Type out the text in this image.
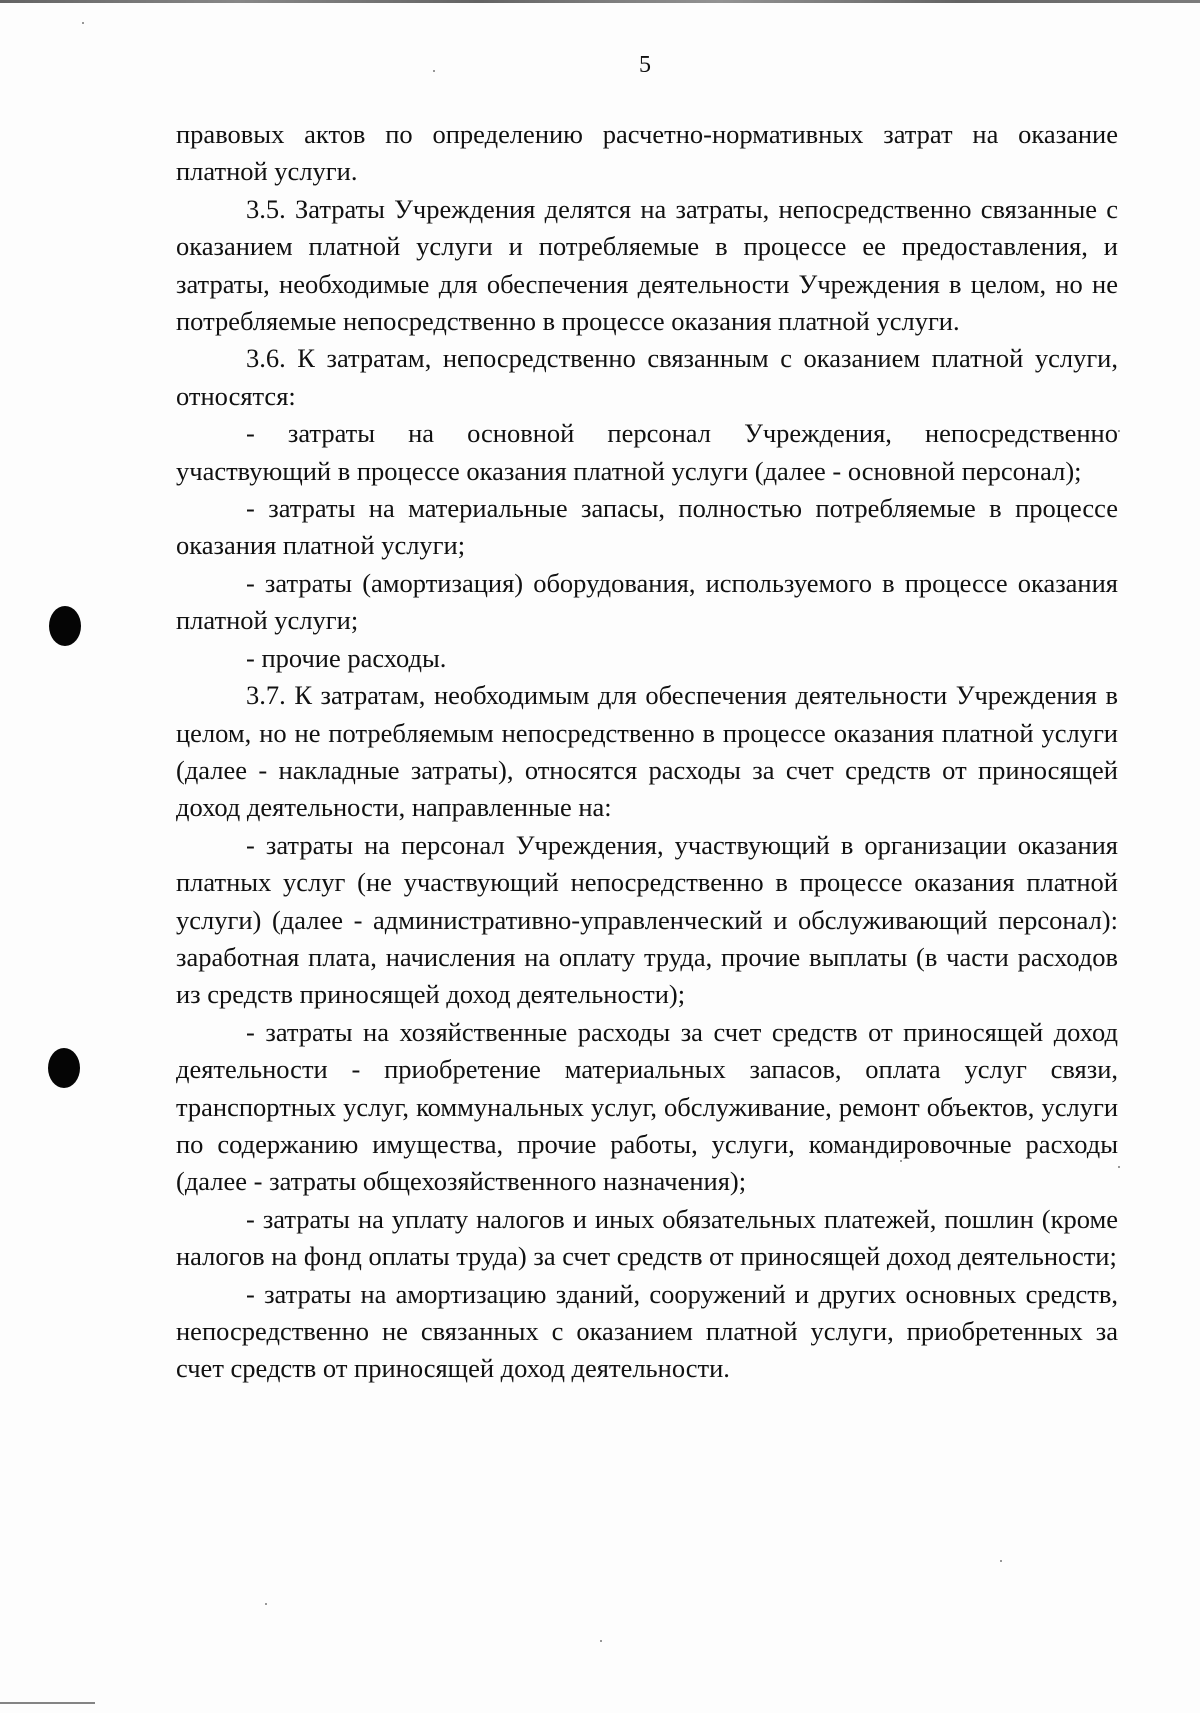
5

правовых актов по определению расчетно-нормативных затрат на оказание платной услуги.

3.5. Затраты Учреждения делятся на затраты, непосредственно связанные с оказанием платной услуги и потребляемые в процессе ее предоставления, и затраты, необходимые для обеспечения деятельности Учреждения в целом, но не потребляемые непосредственно в процессе оказания платной услуги.

3.6. К затратам, непосредственно связанным с оказанием платной услуги, относятся:

- затраты на основной персонал Учреждения, непосредственно участвующий в процессе оказания платной услуги (далее - основной персонал);

- затраты на материальные запасы, полностью потребляемые в процессе оказания платной услуги;

- затраты (амортизация) оборудования, используемого в процессе оказания платной услуги;

- прочие расходы.

3.7. К затратам, необходимым для обеспечения деятельности Учреждения в целом, но не потребляемым непосредственно в процессе оказания платной услуги (далее - накладные затраты), относятся расходы за счет средств от приносящей доход деятельности, направленные на:

- затраты на персонал Учреждения, участвующий в организации оказания платных услуг (не участвующий непосредственно в процессе оказания платной услуги) (далее - административно-управленческий и обслуживающий персонал): заработная плата, начисления на оплату труда, прочие выплаты (в части расходов из средств приносящей доход деятельности);

- затраты на хозяйственные расходы за счет средств от приносящей доход деятельности - приобретение материальных запасов, оплата услуг связи, транспортных услуг, коммунальных услуг, обслуживание, ремонт объектов, услуги по содержанию имущества, прочие работы, услуги, командировочные расходы (далее - затраты общехозяйственного назначения);

- затраты на уплату налогов и иных обязательных платежей, пошлин (кроме налогов на фонд оплаты труда) за счет средств от приносящей доход деятельности;

- затраты на амортизацию зданий, сооружений и других основных средств, непосредственно не связанных с оказанием платной услуги, приобретенных за счет средств от приносящей доход деятельности.
